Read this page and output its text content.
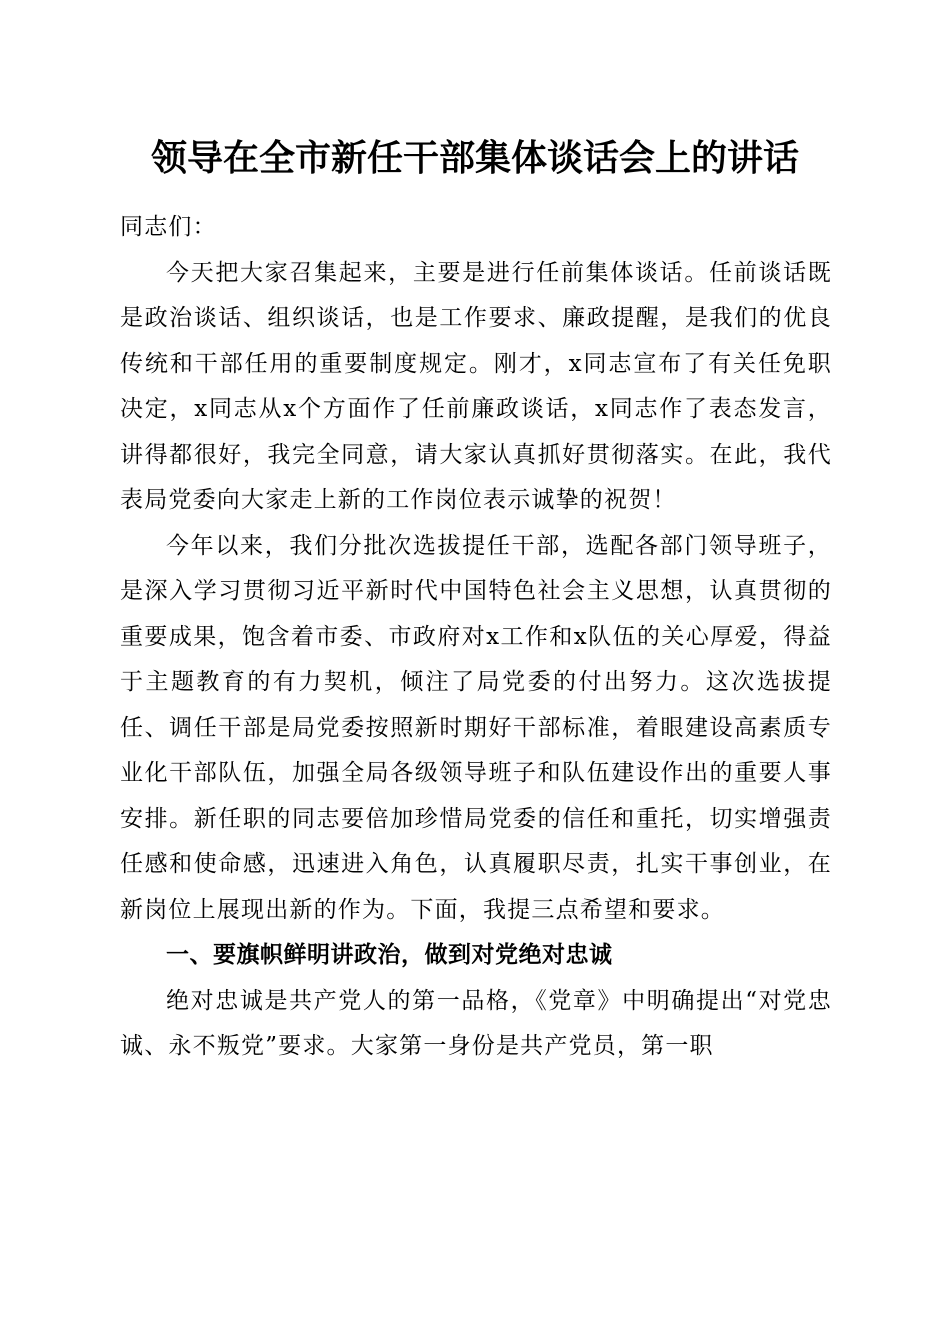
领导在全市新任干部集体谈话会上的讲话

同志们：

今天把大家召集起来，主要是进行任前集体谈话。任前谈话既是政治谈话、组织谈话，也是工作要求、廉政提醒，是我们的优良传统和干部任用的重要制度规定。刚才，x同志宣布了有关任免职决定，x同志从x个方面作了任前廉政谈话，x同志作了表态发言，讲得都很好，我完全同意，请大家认真抓好贯彻落实。在此，我代表局党委向大家走上新的工作岗位表示诚挚的祝贺！

今年以来，我们分批次选拔提任干部，选配各部门领导班子，是深入学习贯彻习近平新时代中国特色社会主义思想，认真贯彻的重要成果，饱含着市委、市政府对x工作和x队伍的关心厚爱，得益于主题教育的有力契机，倾注了局党委的付出努力。这次选拔提任、调任干部是局党委按照新时期好干部标准，着眼建设高素质专业化干部队伍，加强全局各级领导班子和队伍建设作出的重要人事安排。新任职的同志要倍加珍惜局党委的信任和重托，切实增强责任感和使命感，迅速进入角色，认真履职尽责，扎实干事创业，在新岗位上展现出新的作为。下面，我提三点希望和要求。

一、要旗帜鲜明讲政治，做到对党绝对忠诚

绝对忠诚是共产党人的第一品格，《党章》中明确提出“对党忠诚、永不叛党”要求。大家第一身份是共产党员，第一职
